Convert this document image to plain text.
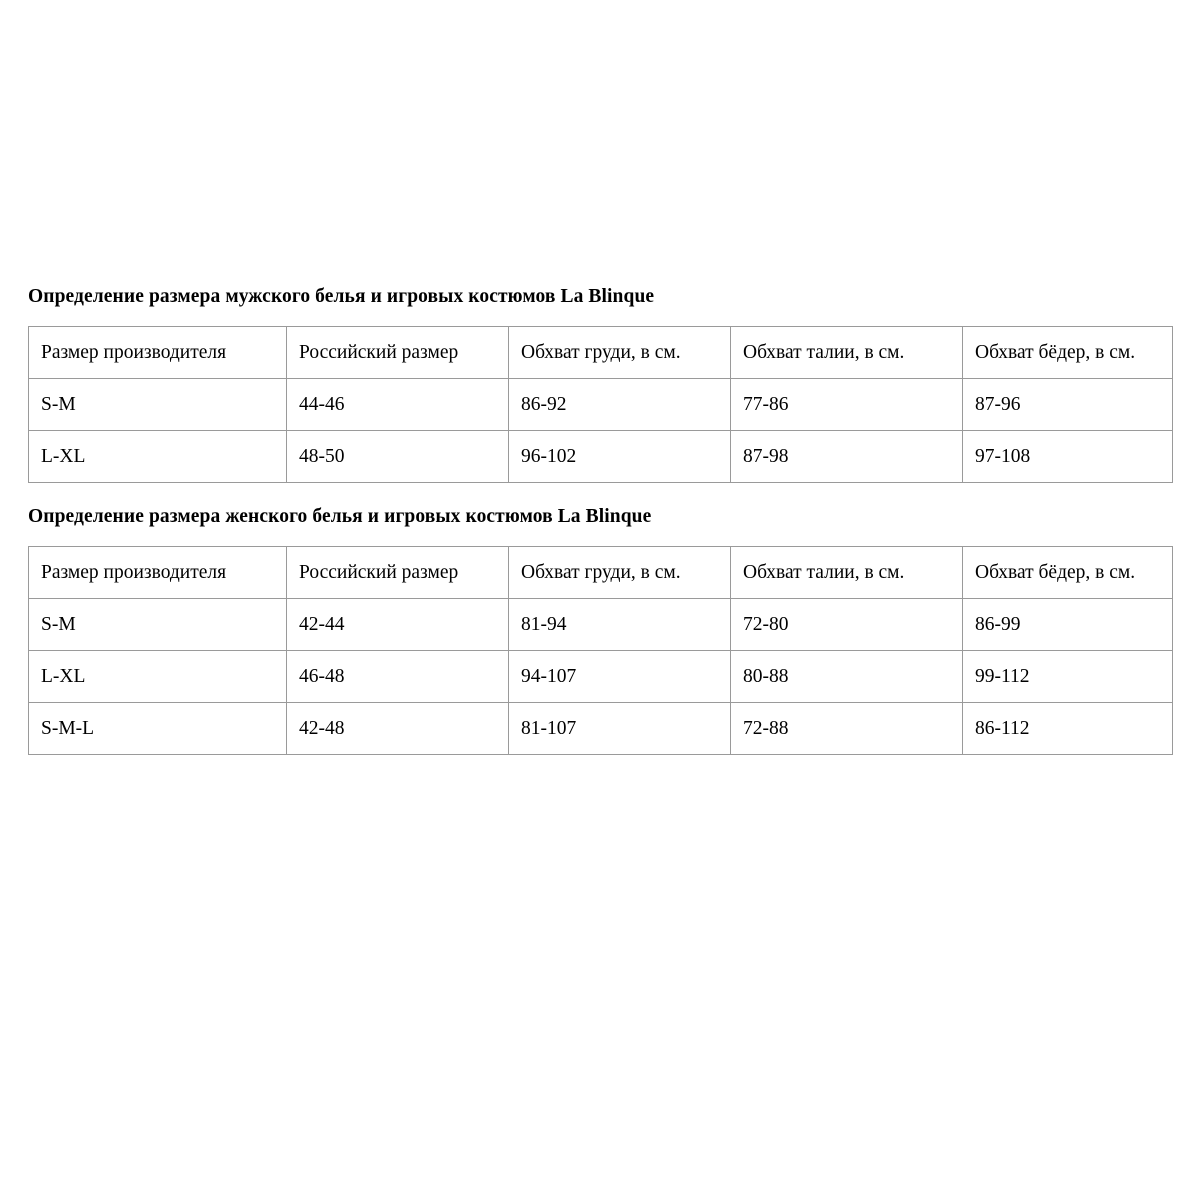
Определение размера мужского белья и игровых костюмов La Blinque
Размер производителя	Российский размер	Обхват груди, в см.	Обхват талии, в см.	Обхват бёдер, в см.
S-M	44-46	86-92	77-86	87-96
L-XL	48-50	96-102	87-98	97-108
Определение размера женского белья и игровых костюмов La Blinque
Размер производителя	Российский размер	Обхват груди, в см.	Обхват талии, в см.	Обхват бёдер, в см.
S-M	42-44	81-94	72-80	86-99
L-XL	46-48	94-107	80-88	99-112
S-M-L	42-48	81-107	72-88	86-112
